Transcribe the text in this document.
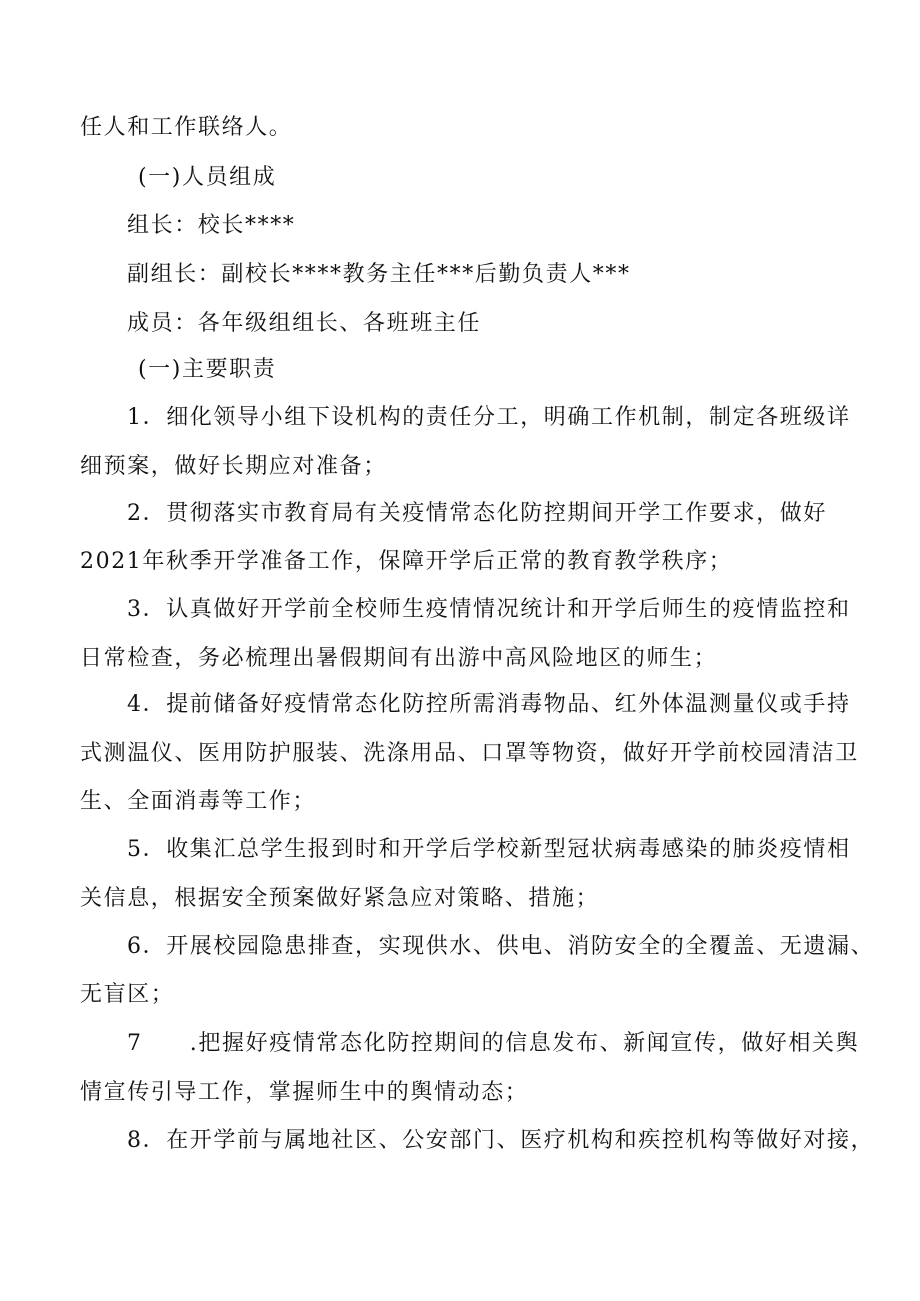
任人和工作联络人。
(一)人员组成
组长：校长****
副组长：副校长****教务主任***后勤负责人***
成员：各年级组组长、各班班主任
(一)主要职责
1．细化领导小组下设机构的责任分工，明确工作机制，制定各班级详
细预案，做好长期应对准备；
2．贯彻落实市教育局有关疫情常态化防控期间开学工作要求，做好
2021年秋季开学准备工作，保障开学后正常的教育教学秩序；
3．认真做好开学前全校师生疫情情况统计和开学后师生的疫情监控和
日常检查，务必梳理出暑假期间有出游中高风险地区的师生；
4．提前储备好疫情常态化防控所需消毒物品、红外体温测量仪或手持
式测温仪、医用防护服装、洗涤用品、口罩等物资，做好开学前校园清洁卫
生、全面消毒等工作；
5．收集汇总学生报到时和开学后学校新型冠状病毒感染的肺炎疫情相
关信息，根据安全预案做好紧急应对策略、措施；
6．开展校园隐患排查，实现供水、供电、消防安全的全覆盖、无遗漏、
无盲区；
7　　.把握好疫情常态化防控期间的信息发布、新闻宣传，做好相关舆
情宣传引导工作，掌握师生中的舆情动态；
8．在开学前与属地社区、公安部门、医疗机构和疾控机构等做好对接，
